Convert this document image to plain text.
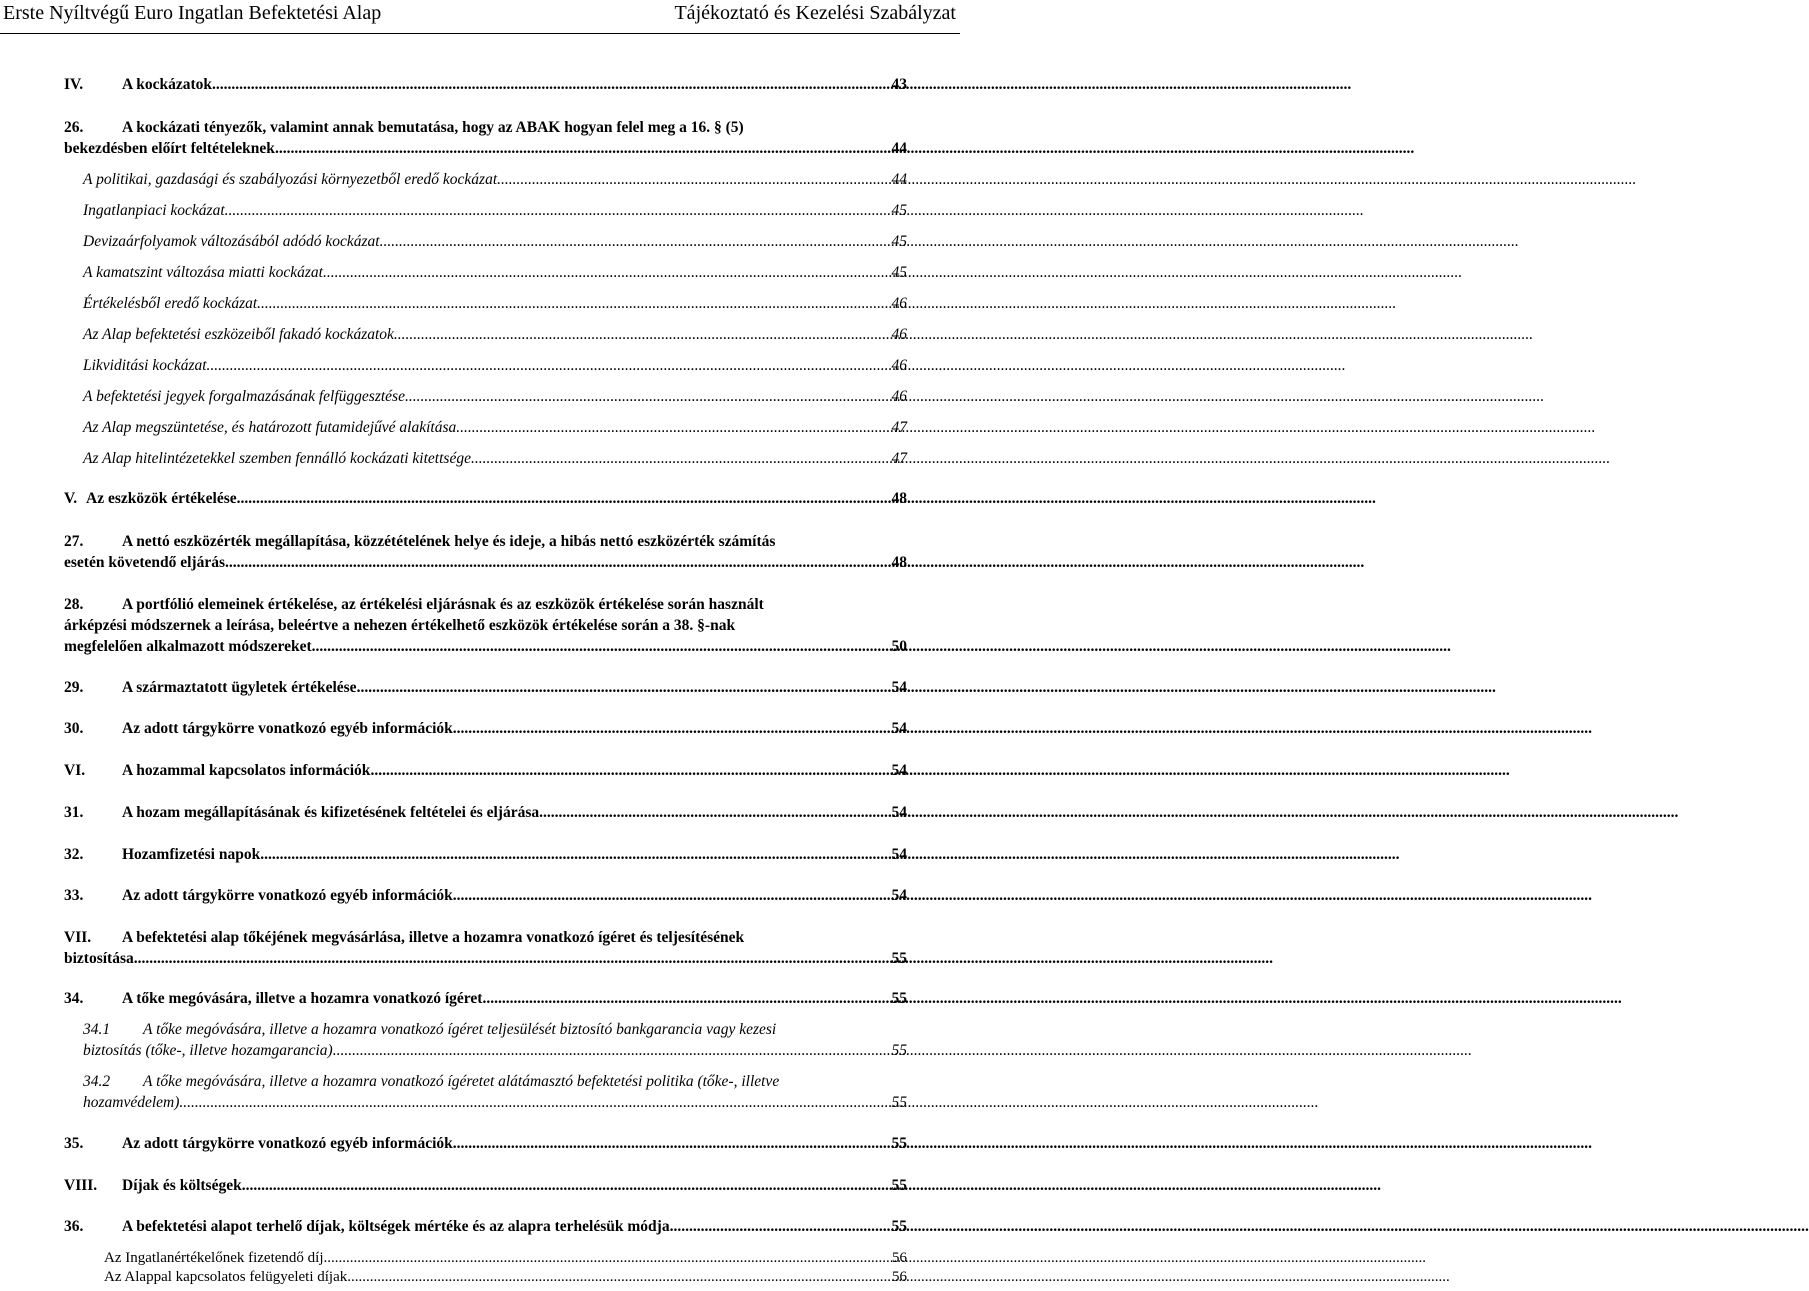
Erste Nyíltvégű Euro Ingatlan Befektetési Alap	Tájékoztató és Kezelési Szabályzat
IV.	A kockázatok .....	43
26. A kockázati tényezők, valamint annak bemutatása, hogy az ABAK hogyan felel meg a 16. § (5)
bekezdésben előírt feltételeknek .....	44
A politikai, gazdasági és szabályozási környezetből eredő kockázat .....	44
Ingatlanpiaci kockázat .....	45
Devizaárfolyamok változásából adódó kockázat .....	45
A kamatszint változása miatti kockázat .....	45
Értékelésből eredő kockázat .....	46
Az Alap befektetési eszközeiből fakadó kockázatok .....	46
Likviditási kockázat .....	46
A befektetési jegyek forgalmazásának felfüggesztése .....	46
Az Alap megszüntetése, és határozott futamidejűvé alakítása .....	47
Az Alap hitelintézetekkel szemben fennálló kockázati kitettsége .....	47
V. Az eszközök értékelése .....	48
27. A nettó eszközérték megállapítása, közzétételének helye és ideje, a hibás nettó eszközérték számítás
esetén követendő eljárás .....	48
28. A portfólió elemeinek értékelése, az értékelési eljárásnak és az eszközök értékelése során használt
árképzési módszernek a leírása, beleértve a nehezen értékelhető eszközök értékelése során a 38. §-nak
megfelelően alkalmazott módszereket .....	50
29.	A származtatott ügyletek értékelése .....	54
30.	Az adott tárgykörre vonatkozó egyéb információk .....	54
VI.	A hozammal kapcsolatos információk .....	54
31.	A hozam megállapításának és kifizetésének feltételei és eljárása .....	54
32.	Hozamfizetési napok .....	54
33.	Az adott tárgykörre vonatkozó egyéb információk .....	54
VII. A befektetési alap tőkéjének megvásárlása, illetve a hozamra vonatkozó ígéret és teljesítésének
biztosítása .....	55
34.	A tőke megóvására, illetve a hozamra vonatkozó ígéret .....	55
34.1 A tőke megóvására, illetve a hozamra vonatkozó ígéret teljesülését biztosító bankgarancia vagy kezesi
biztosítás (tőke-, illetve hozamgarancia) .....	55
34.2 A tőke megóvására, illetve a hozamra vonatkozó ígéretet alátámasztó befektetési politika (tőke-, illetve
hozamvédelem) .....	55
35.	Az adott tárgykörre vonatkozó egyéb információk .....	55
VIII.	Díjak és költségek .....	55
36.	A befektetési alapot terhelő díjak, költségek mértéke és az alapra terhelésük módja .....	55
Az Ingatlanértékelőnek fizetendő díj .....	56
Az Alappal kapcsolatos felügyeleti díjak .....	56
